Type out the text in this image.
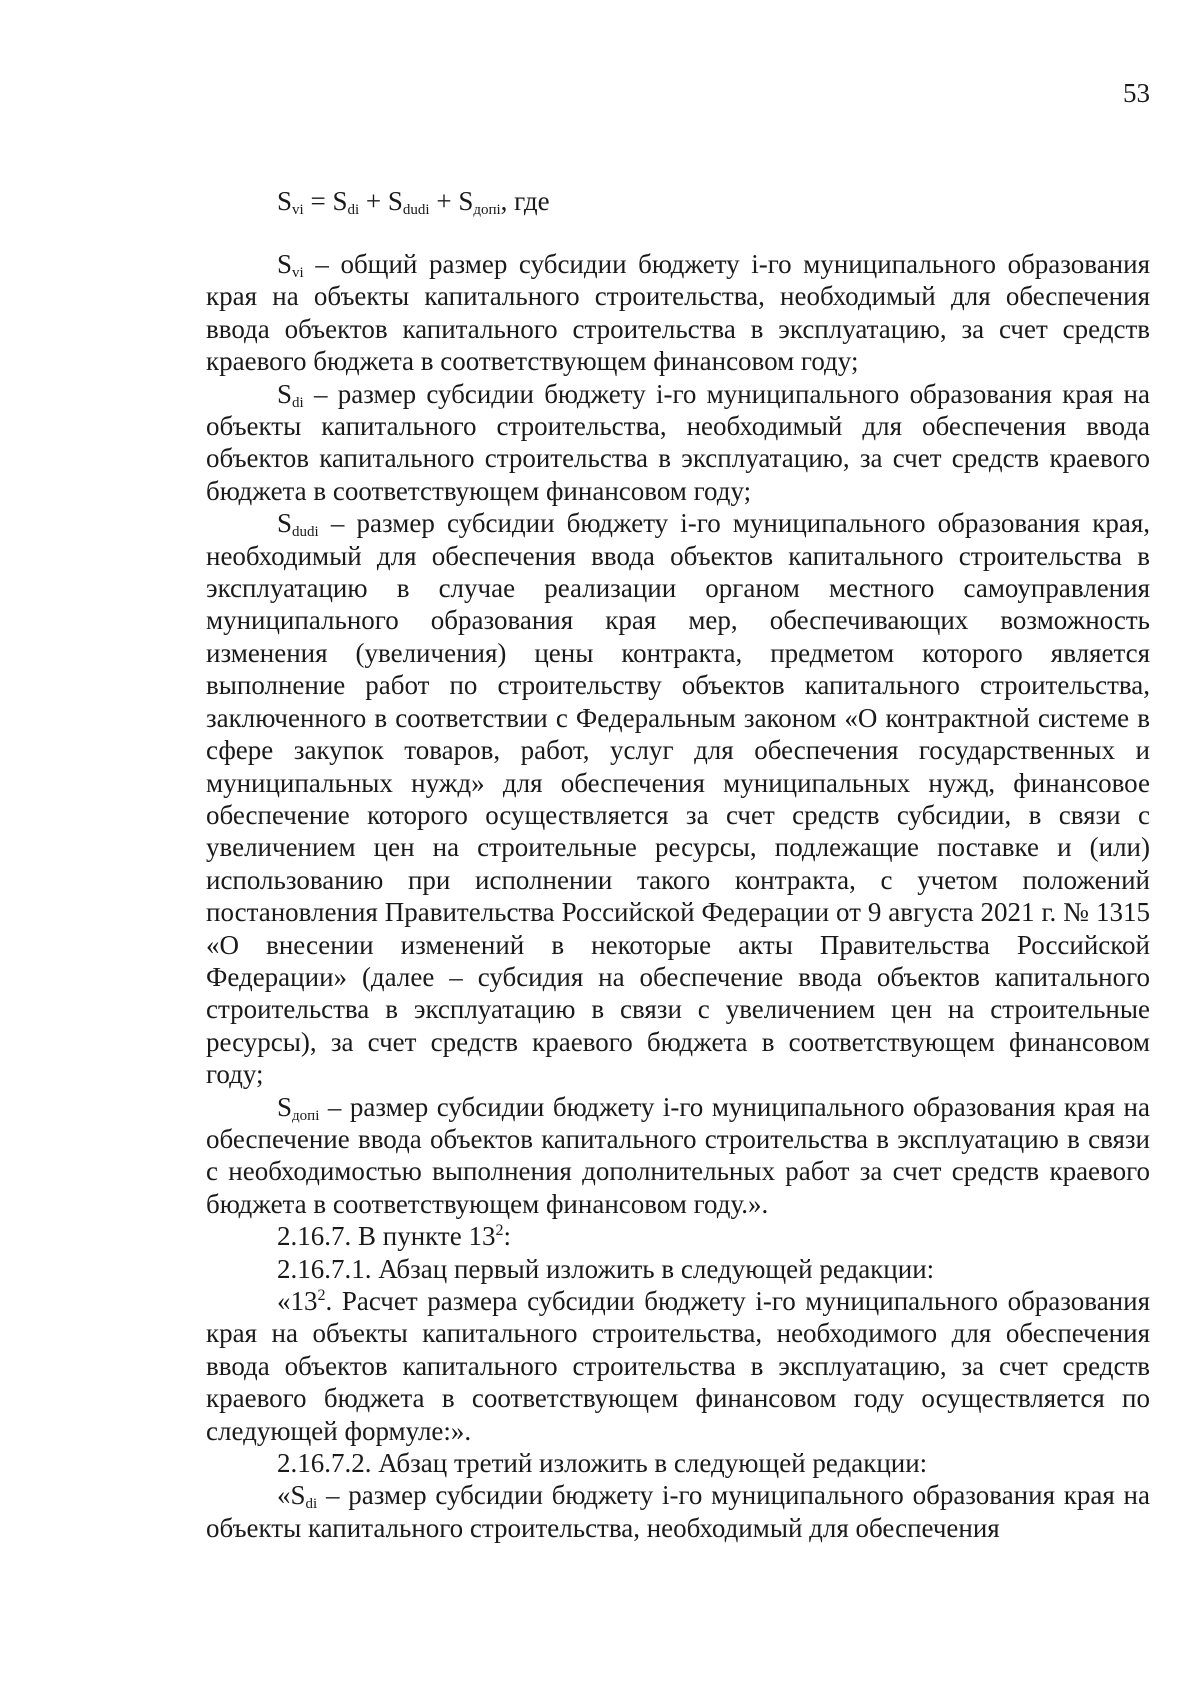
53
$S_{vi} = S_{di} + S_{dudi} + S_{допi}$, где

$S_{vi}$ – общий размер субсидии бюджету i-го муниципального образования края на объекты капитального строительства, необходимый для обеспечения ввода объектов капитального строительства в эксплуатацию, за счет средств краевого бюджета в соответствующем финансовом году;

$S_{di}$ – размер субсидии бюджету i-го муниципального образования края на объекты капитального строительства, необходимый для обеспечения ввода объектов капитального строительства в эксплуатацию, за счет средств краевого бюджета в соответствующем финансовом году;

$S_{dudi}$ – размер субсидии бюджету i-го муниципального образования края, необходимый для обеспечения ввода объектов капитального строительства в эксплуатацию в случае реализации органом местного самоуправления муниципального образования края мер, обеспечивающих возможность изменения (увеличения) цены контракта, предметом которого является выполнение работ по строительству объектов капитального строительства, заключенного в соответствии с Федеральным законом «О контрактной системе в сфере закупок товаров, работ, услуг для обеспечения государственных и муниципальных нужд» для обеспечения муниципальных нужд, финансовое обеспечение которого осуществляется за счет средств субсидии, в связи с увеличением цен на строительные ресурсы, подлежащие поставке и (или) использованию при исполнении такого контракта, с учетом положений постановления Правительства Российской Федерации от 9 августа 2021 г. № 1315 «О внесении изменений в некоторые акты Правительства Российской Федерации» (далее – субсидия на обеспечение ввода объектов капитального строительства в эксплуатацию в связи с увеличением цен на строительные ресурсы), за счет средств краевого бюджета в соответствующем финансовом году;

$S_{допi}$ – размер субсидии бюджету i-го муниципального образования края на обеспечение ввода объектов капитального строительства в эксплуатацию в связи с необходимостью выполнения дополнительных работ за счет средств краевого бюджета в соответствующем финансовом году.».

2.16.7. В пункте $13^2$:

2.16.7.1. Абзац первый изложить в следующей редакции:

«$13^2$. Расчет размера субсидии бюджету i-го муниципального образования края на объекты капитального строительства, необходимого для обеспечения ввода объектов капитального строительства в эксплуатацию, за счет средств краевого бюджета в соответствующем финансовом году осуществляется по следующей формуле:».

2.16.7.2. Абзац третий изложить в следующей редакции:

«$S_{di}$ – размер субсидии бюджету i-го муниципального образования края на объекты капитального строительства, необходимый для обеспечения
